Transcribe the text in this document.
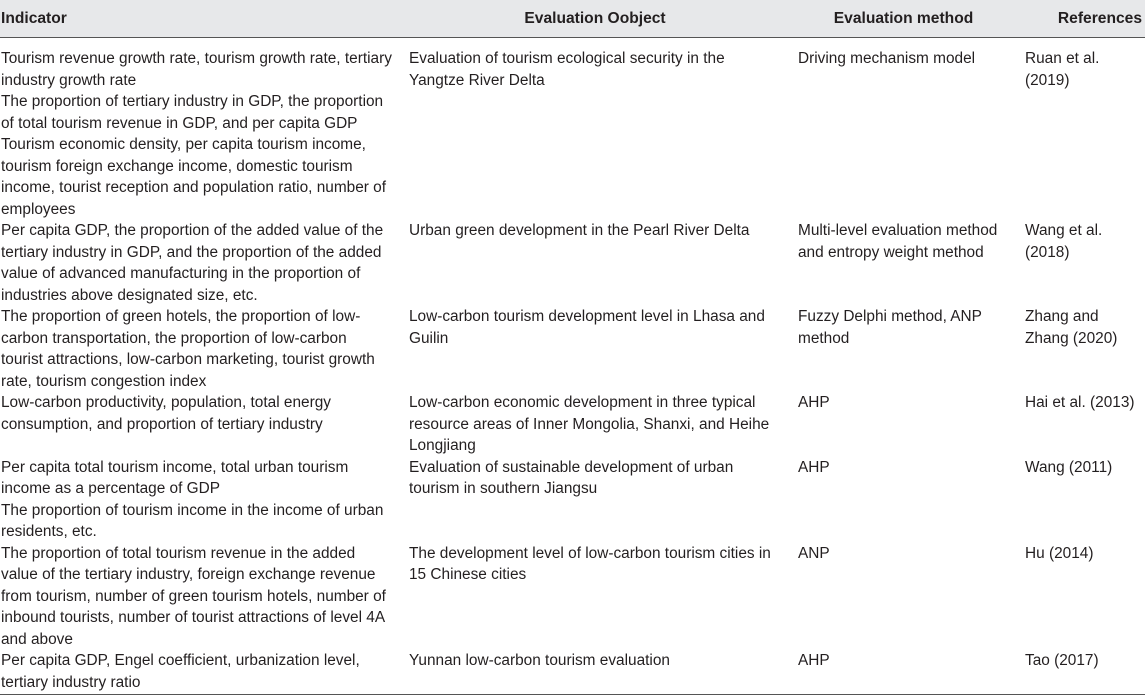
Indicator	Evaluation Oobject	Evaluation method	References

Tourism revenue growth rate, tourism growth rate, tertiary industry growth rate
The proportion of tertiary industry in GDP, the proportion of total tourism revenue in GDP, and per capita GDP
Tourism economic density, per capita tourism income, tourism foreign exchange income, domestic tourism income, tourist reception and population ratio, number of employees	Evaluation of tourism ecological security in the Yangtze River Delta	Driving mechanism model	Ruan et al. (2019)

Per capita GDP, the proportion of the added value of the tertiary industry in GDP, and the proportion of the added value of advanced manufacturing in the proportion of industries above designated size, etc.	Urban green development in the Pearl River Delta	Multi-level evaluation method and entropy weight method	Wang et al. (2018)

The proportion of green hotels, the proportion of low-carbon transportation, the proportion of low-carbon tourist attractions, low-carbon marketing, tourist growth rate, tourism congestion index	Low-carbon tourism development level in Lhasa and Guilin	Fuzzy Delphi method, ANP method	Zhang and Zhang (2020)

Low-carbon productivity, population, total energy consumption, and proportion of tertiary industry	Low-carbon economic development in three typical resource areas of Inner Mongolia, Shanxi, and Heihe Longjiang	AHP	Hai et al. (2013)

Per capita total tourism income, total urban tourism income as a percentage of GDP
The proportion of tourism income in the income of urban residents, etc.	Evaluation of sustainable development of urban tourism in southern Jiangsu	AHP	Wang (2011)

The proportion of total tourism revenue in the added value of the tertiary industry, foreign exchange revenue from tourism, number of green tourism hotels, number of inbound tourists, number of tourist attractions of level 4A and above	The development level of low-carbon tourism cities in 15 Chinese cities	ANP	Hu (2014)

Per capita GDP, Engel coefficient, urbanization level, tertiary industry ratio	Yunnan low-carbon tourism evaluation	AHP	Tao (2017)
